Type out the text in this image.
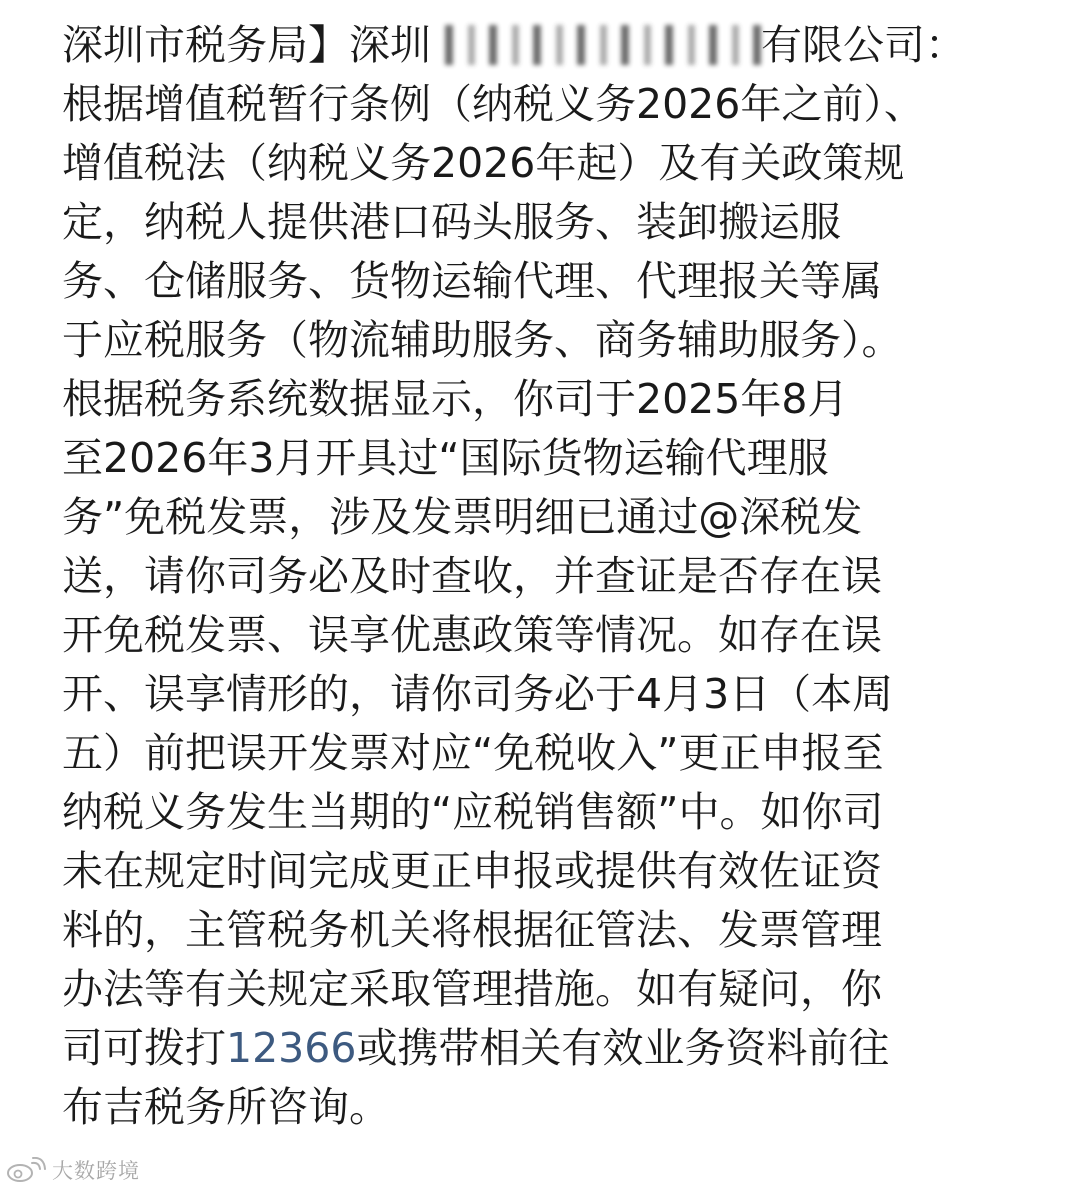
深圳市税务局】深圳	有限公司：
根据增值税暂行条例（纳税义务2026年之前）、
增值税法（纳税义务2026年起）及有关政策规
定，纳税人提供港口码头服务、装卸搬运服
务、仓储服务、货物运输代理、代理报关等属
于应税服务（物流辅助服务、商务辅助服务）。
根据税务系统数据显示，你司于2025年8月
至2026年3月开具过“国际货物运输代理服
务”免税发票，涉及发票明细已通过@深税发
送，请你司务必及时查收，并查证是否存在误
开免税发票、误享优惠政策等情况。如存在误
开、误享情形的，请你司务必于4月3日（本周
五）前把误开发票对应“免税收入”更正申报至
纳税义务发生当期的“应税销售额”中。如你司
未在规定时间完成更正申报或提供有效佐证资
料的，主管税务机关将根据征管法、发票管理
办法等有关规定采取管理措施。如有疑问，你
司可拨打12366或携带相关有效业务资料前往
布吉税务所咨询。
大数跨境
